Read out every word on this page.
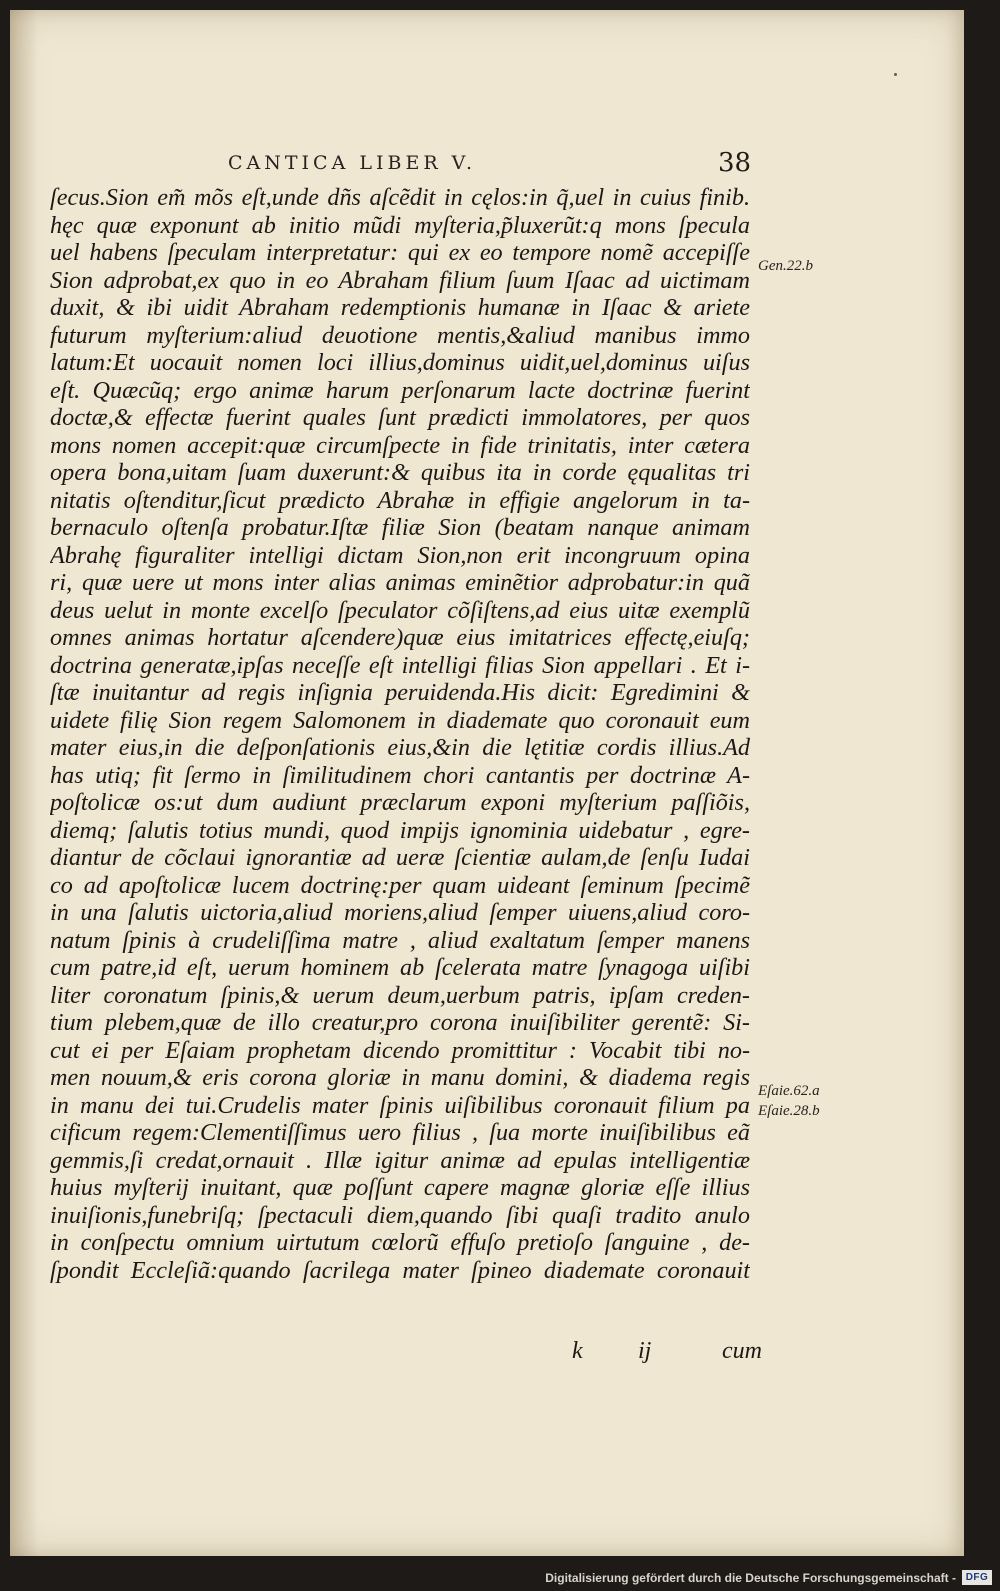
CANTICA LIBER V.	38
ſecus.Sion em̃ mõs eſt,unde dñs aſcẽdit in cęlos:in q̃,uel in cuius finib.
hęc quæ exponunt ab initio mũdi myſteria,p̃luxerũt:q mons ſpecula
uel habens ſpeculam interpretatur: qui ex eo tempore nomẽ accepiſſe
Sion adprobat,ex quo in eo Abraham filium ſuum Iſaac ad uictimam
duxit, & ibi uidit Abraham redemptionis humanæ in Iſaac & ariete
futurum myſterium:aliud deuotione mentis,&aliud manibus immo
latum:Et uocauit nomen loci illius,dominus uidit,uel,dominus uiſus
eſt. Quæcũq; ergo animæ harum perſonarum lacte doctrinæ fuerint
doctæ,& effectæ fuerint quales ſunt prædicti immolatores, per quos
mons nomen accepit:quæ circumſpecte in fide trinitatis, inter cætera
opera bona,uitam ſuam duxerunt:& quibus ita in corde ęqualitas tri
nitatis oſtenditur,ſicut prædicto Abrahæ in effigie angelorum in ta-
bernaculo oſtenſa probatur.Iſtæ filiæ Sion (beatam nanque animam
Abrahę figuraliter intelligi dictam Sion,non erit incongruum opina
ri, quæ uere ut mons inter alias animas eminẽtior adprobatur:in quã
deus uelut in monte excelſo ſpeculator cõſiſtens,ad eius uitæ exemplũ
omnes animas hortatur aſcendere)quæ eius imitatrices effectę,eiuſq;
doctrina generatæ,ipſas neceſſe eſt intelligi filias Sion appellari . Et i-
ſtæ inuitantur ad regis inſignia peruidenda.His dicit: Egredimini &
uidete filię Sion regem Salomonem in diademate quo coronauit eum
mater eius,in die deſponſationis eius,&in die lętitiæ cordis illius.Ad
has utiq; fit ſermo in ſimilitudinem chori cantantis per doctrinæ A-
poſtolicæ os:ut dum audiunt præclarum exponi myſterium paſſiõis,
diemq; ſalutis totius mundi, quod impijs ignominia uidebatur , egre-
diantur de cõclaui ignorantiæ ad ueræ ſcientiæ aulam,de ſenſu Iudai
co ad apoſtolicæ lucem doctrinę:per quam uideant ſeminum ſpecimẽ
in una ſalutis uictoria,aliud moriens,aliud ſemper uiuens,aliud coro-
natum ſpinis à crudeliſſima matre , aliud exaltatum ſemper manens
cum patre,id eſt, uerum hominem ab ſcelerata matre ſynagoga uiſibi
liter coronatum ſpinis,& uerum deum,uerbum patris, ipſam creden-
tium plebem,quæ de illo creatur,pro corona inuiſibiliter gerentẽ: Si-
cut ei per Eſaiam prophetam dicendo promittitur : Vocabit tibi no-
men nouum,& eris corona gloriæ in manu domini, & diadema regis
in manu dei tui.Crudelis mater ſpinis uiſibilibus coronauit filium pa
cificum regem:Clementiſſimus uero filius , ſua morte inuiſibilibus eã
gemmis,ſi credat,ornauit . Illæ igitur animæ ad epulas intelligentiæ
huius myſterij inuitant, quæ poſſunt capere magnæ gloriæ eſſe illius
inuiſionis,funebriſq; ſpectaculi diem,quando ſibi quaſi tradito anulo
in conſpectu omnium uirtutum cœlorũ effuſo pretioſo ſanguine , de-
ſpondit Eccleſiã:quando ſacrilega mater ſpineo diademate coronauit
Gen.22.b
Eſaie.62.a
Eſaie.28.b
k ij	cum
Digitalisierung gefördert durch die Deutsche Forschungsgemeinschaft - DFG
